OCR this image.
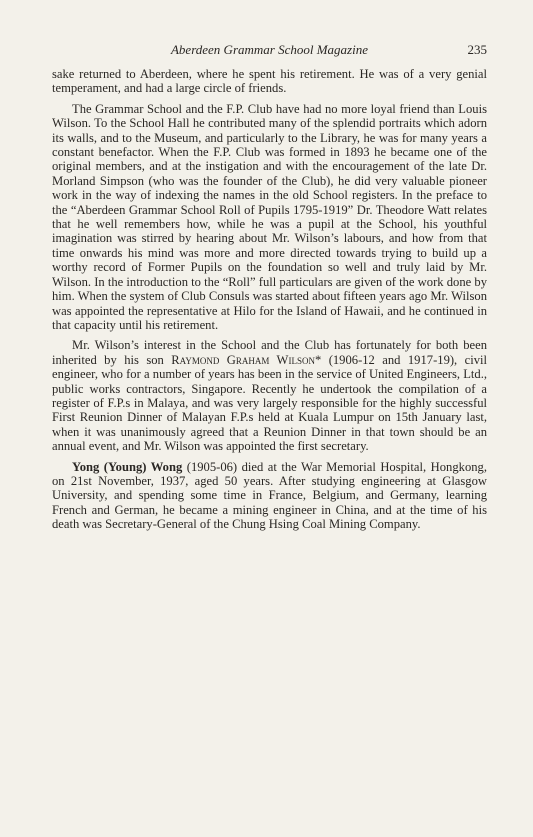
Aberdeen Grammar School Magazine	235

sake returned to Aberdeen, where he spent his retirement. He was of a very genial temperament, and had a large circle of friends.

The Grammar School and the F.P. Club have had no more loyal friend than Louis Wilson. To the School Hall he contributed many of the splendid portraits which adorn its walls, and to the Museum, and particularly to the Library, he was for many years a constant benefactor. When the F.P. Club was formed in 1893 he became one of the original members, and at the instigation and with the encouragement of the late Dr. Morland Simpson (who was the founder of the Club), he did very valuable pioneer work in the way of indexing the names in the old School registers. In the preface to the “Aberdeen Grammar School Roll of Pupils 1795-1919” Dr. Theodore Watt relates that he well remembers how, while he was a pupil at the School, his youthful imagination was stirred by hearing about Mr. Wilson’s labours, and how from that time onwards his mind was more and more directed towards trying to build up a worthy record of Former Pupils on the foundation so well and truly laid by Mr. Wilson. In the introduction to the “Roll” full particulars are given of the work done by him. When the system of Club Consuls was started about fifteen years ago Mr. Wilson was appointed the representative at Hilo for the Island of Hawaii, and he continued in that capacity until his retirement.

Mr. Wilson’s interest in the School and the Club has fortunately for both been inherited by his son Raymond Graham Wilson* (1906-12 and 1917-19), civil engineer, who for a number of years has been in the service of United Engineers, Ltd., public works contractors, Singapore. Recently he undertook the compilation of a register of F.P.s in Malaya, and was very largely responsible for the highly successful First Reunion Dinner of Malayan F.P.s held at Kuala Lumpur on 15th January last, when it was unanimously agreed that a Reunion Dinner in that town should be an annual event, and Mr. Wilson was appointed the first secretary.

Yong (Young) Wong (1905-06) died at the War Memorial Hospital, Hongkong, on 21st November, 1937, aged 50 years. After studying engineering at Glasgow University, and spending some time in France, Belgium, and Germany, learning French and German, he became a mining engineer in China, and at the time of his death was Secretary-General of the Chung Hsing Coal Mining Company.
